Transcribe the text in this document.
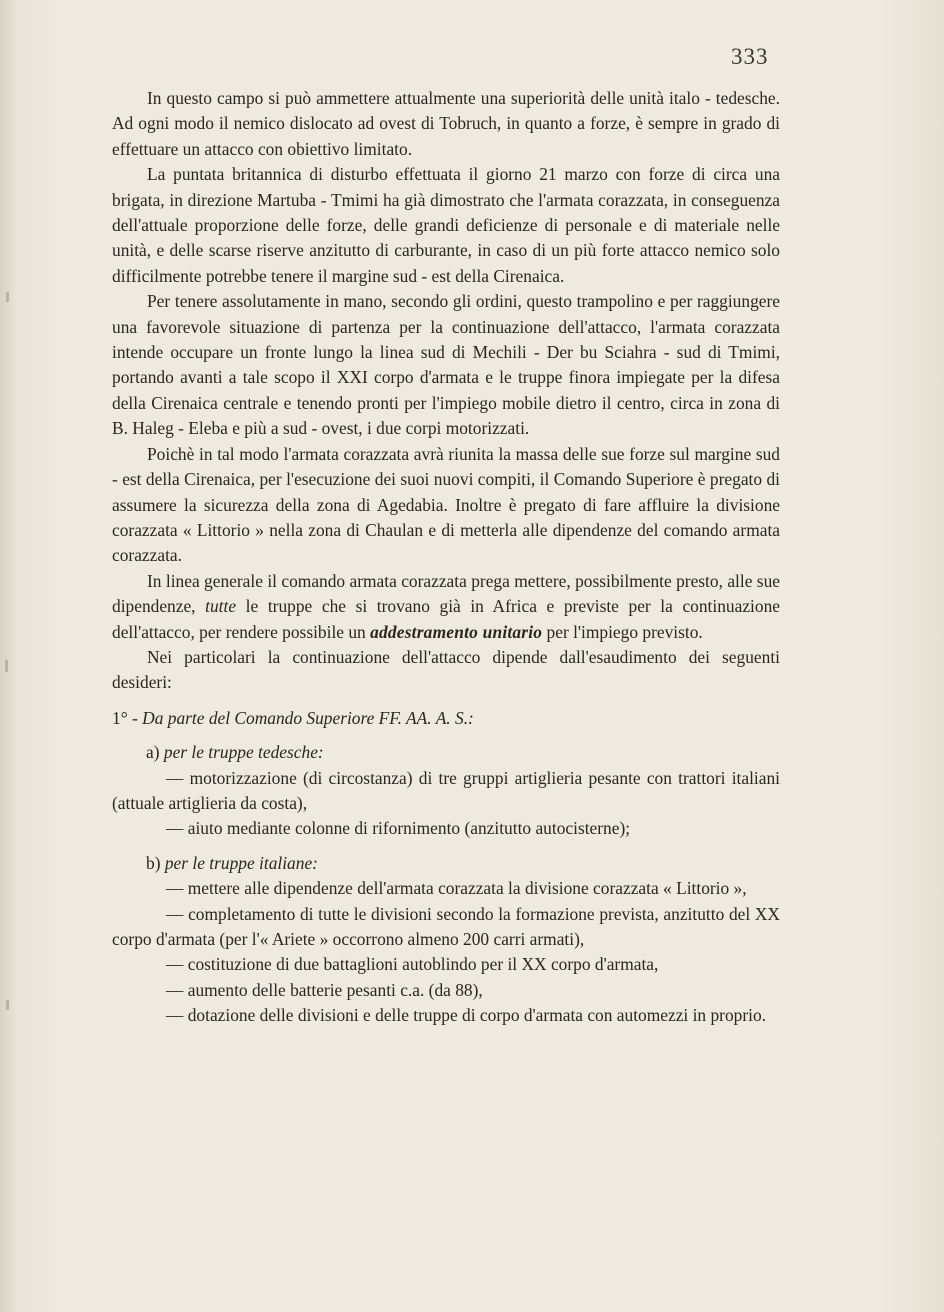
333

In questo campo si può ammettere attualmente una superiorità delle unità italo - tedesche. Ad ogni modo il nemico dislocato ad ovest di Tobruch, in quanto a forze, è sempre in grado di effettuare un attacco con obiettivo limitato.

La puntata britannica di disturbo effettuata il giorno 21 marzo con forze di circa una brigata, in direzione Martuba - Tmimi ha già dimostrato che l'armata corazzata, in conseguenza dell'attuale proporzione delle forze, delle grandi deficienze di personale e di materiale nelle unità, e delle scarse riserve anzitutto di carburante, in caso di un più forte attacco nemico solo difficilmente potrebbe tenere il margine sud - est della Cirenaica.

Per tenere assolutamente in mano, secondo gli ordini, questo trampolino e per raggiungere una favorevole situazione di partenza per la continuazione dell'attacco, l'armata corazzata intende occupare un fronte lungo la linea sud di Mechili - Der bu Sciahra - sud di Tmimi, portando avanti a tale scopo il XXI corpo d'armata e le truppe finora impiegate per la difesa della Cirenaica centrale e tenendo pronti per l'impiego mobile dietro il centro, circa in zona di B. Haleg - Eleba e più a sud - ovest, i due corpi motorizzati.

Poichè in tal modo l'armata corazzata avrà riunita la massa delle sue forze sul margine sud - est della Cirenaica, per l'esecuzione dei suoi nuovi compiti, il Comando Superiore è pregato di assumere la sicurezza della zona di Agedabia. Inoltre è pregato di fare affluire la divisione corazzata « Littorio » nella zona di Chaulan e di metterla alle dipendenze del comando armata corazzata.

In linea generale il comando armata corazzata prega mettere, possibilmente presto, alle sue dipendenze, tutte le truppe che si trovano già in Africa e previste per la continuazione dell'attacco, per rendere possibile un addestramento unitario per l'impiego previsto.

Nei particolari la continuazione dell'attacco dipende dall'esaudimento dei seguenti desideri:

1° - Da parte del Comando Superiore FF. AA. A. S.:

a) per le truppe tedesche:

— motorizzazione (di circostanza) di tre gruppi artiglieria pesante con trattori italiani (attuale artiglieria da costa),

— aiuto mediante colonne di rifornimento (anzitutto autocisterne);

b) per le truppe italiane:

— mettere alle dipendenze dell'armata corazzata la divisione corazzata « Littorio »,

— completamento di tutte le divisioni secondo la formazione prevista, anzitutto del XX corpo d'armata (per l'« Ariete » occorrono almeno 200 carri armati),

— costituzione di due battaglioni autoblindo per il XX corpo d'armata,

— aumento delle batterie pesanti c.a. (da 88),

— dotazione delle divisioni e delle truppe di corpo d'armata con automezzi in proprio.
